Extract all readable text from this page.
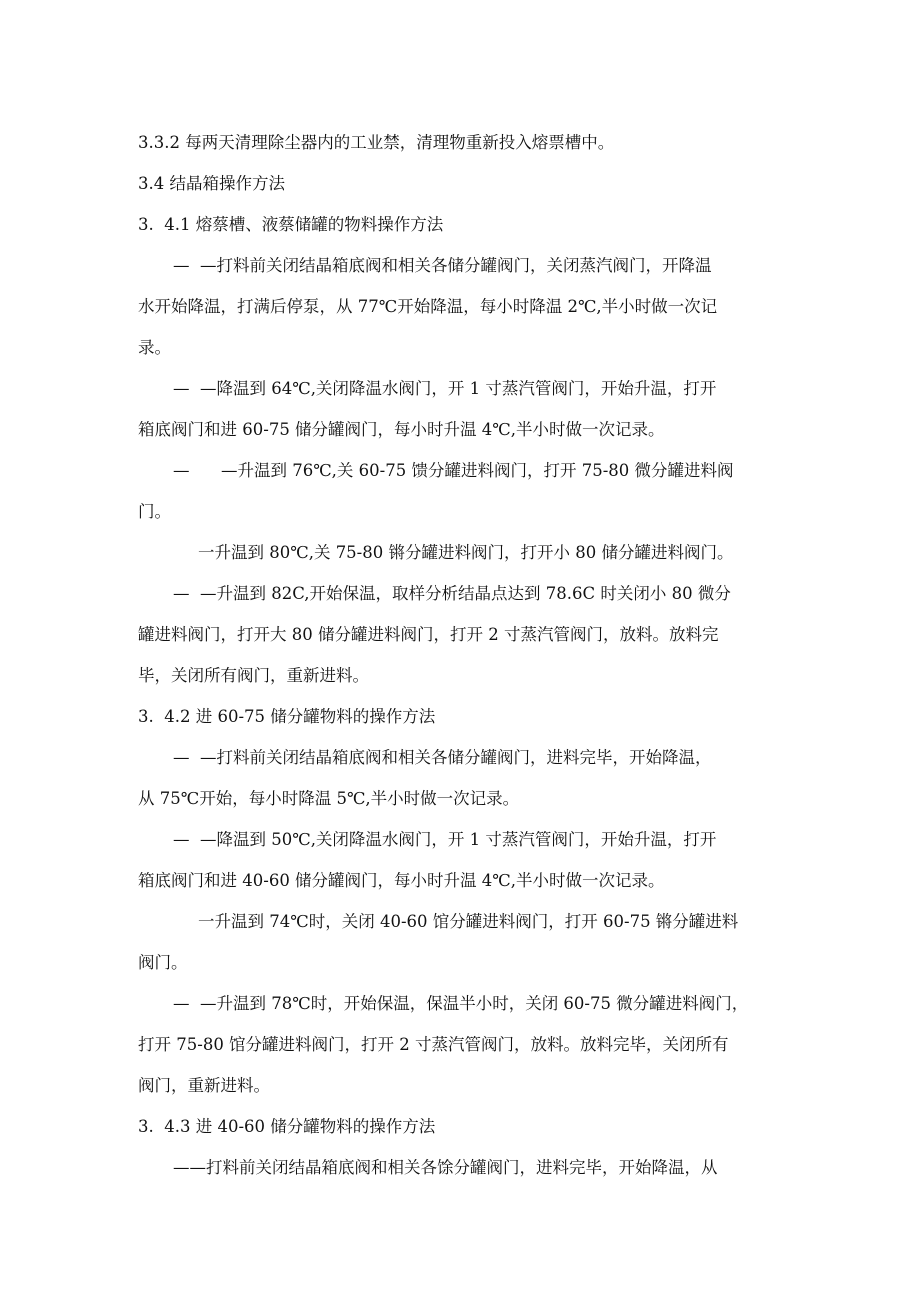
3.3.2 每两天清理除尘器内的工业禁，清理物重新投入熔票槽中。

3.4 结晶箱操作方法

3.  4.1 熔蔡槽、液蔡储罐的物料操作方法

—  —打料前关闭结晶箱底阀和相关各储分罐阀门，关闭蒸汽阀门，开降温

水开始降温，打满后停泵，从 77℃开始降温，每小时降温 2℃,半小时做一次记

录。

—  —降温到 64℃,关闭降温水阀门，开 1 寸蒸汽管阀门，开始升温，打开

箱底阀门和进 60-75 储分罐阀门，每小时升温 4℃,半小时做一次记录。

—      —升温到 76℃,关 60-75 馈分罐进料阀门，打开 75-80 微分罐进料阀

门。

一升温到 80℃,关 75-80 锵分罐进料阀门，打开小 80 储分罐进料阀门。

—  —升温到 82C,开始保温，取样分析结晶点达到 78.6C 时关闭小 80 微分

罐进料阀门，打开大 80 储分罐进料阀门，打开 2 寸蒸汽管阀门，放料。放料完

毕，关闭所有阀门，重新进料。

3.  4.2 进 60-75 储分罐物料的操作方法

—  —打料前关闭结晶箱底阀和相关各储分罐阀门，进料完毕，开始降温，

从 75℃开始，每小时降温 5℃,半小时做一次记录。

—  —降温到 50℃,关闭降温水阀门，开 1 寸蒸汽管阀门，开始升温，打开

箱底阀门和进 40-60 储分罐阀门，每小时升温 4℃,半小时做一次记录。

一升温到 74℃时，关闭 40-60 馆分罐进料阀门，打开 60-75 锵分罐进料

阀门。

—  —升温到 78℃时，开始保温，保温半小时，关闭 60-75 微分罐进料阀门，

打开 75-80 馆分罐进料阀门，打开 2 寸蒸汽管阀门，放料。放料完毕，关闭所有

阀门，重新进料。

3.  4.3 进 40-60 储分罐物料的操作方法

——打料前关闭结晶箱底阀和相关各馀分罐阀门，进料完毕，开始降温，从
